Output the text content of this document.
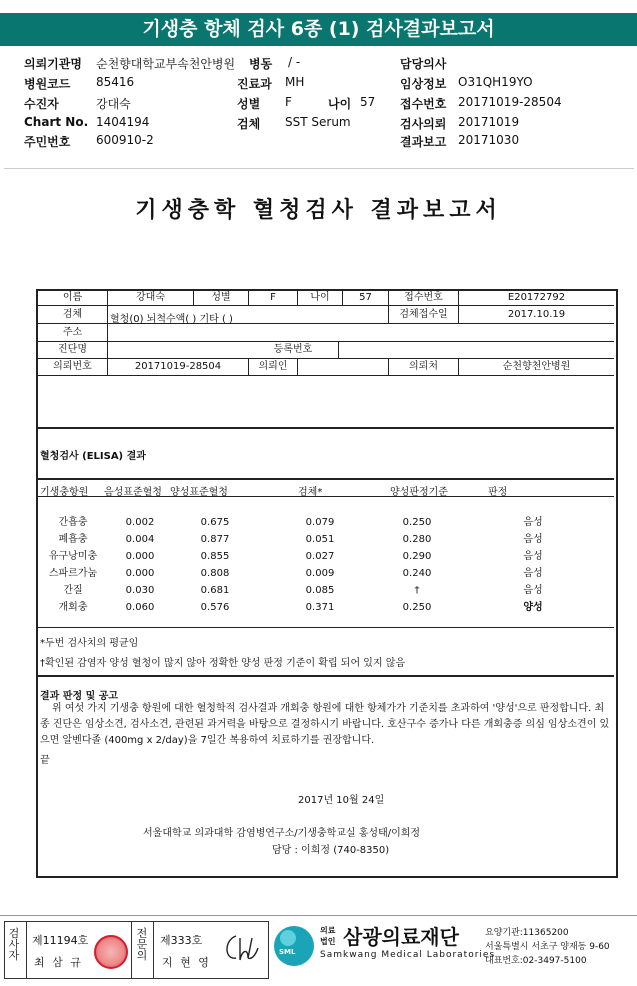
기생충 항체 검사 6종 (1) 검사결과보고서
의뢰기관명 순천향대학교부속천안병원 병동 / -	담당의사
병원코드 85416	진료과 MH	임상정보 O31QH19YO
수진자	강대숙	성별 F	나이 57 접수번호 20171019-28504
Chart No. 1404194	검체 SST Serum	검사의뢰 20171019
주민번호 600910-2	결과보고 20171030
기생충학 혈청검사 결과보고서
이름	강대숙	성별	F	나이	57	접수번호	E20172792
검체	혈청(0) 뇌척수액( ) 기타 ( )	검체접수일	2017.10.19
주소
진단명	등록번호
의뢰번호	20171019-28504	의뢰인	의뢰처	순천향천안병원
혈청검사 (ELISA) 결과
기생충항원 음성표준혈청 양성표준혈청	검체*	양성판정기준	판정
간흡충	0.002	0.675	0.079	0.250	음성
폐흡충	0.004	0.877	0.051	0.280	음성
유구낭미충	0.000	0.855	0.027	0.290	음성
스파르가눔	0.000	0.808	0.009	0.240	음성
간질	0.030	0.681	0.085	†	음성
개회충	0.060	0.576	0.371	0.250	양성
*두번 검사치의 평균임
†확인된 감염자 양성 혈청이 많지 않아 정확한 양성 판정 기준이 확립 되어 있지 않음
결과 판정 및 공고
위 여섯 가지 기생충 항원에 대한 혈청학적 검사결과 개회충 항원에 대한 항체가가 기준치를 초과하여 '양성'으로 판정합니다. 최종 진단은 임상소견, 검사소견, 관련된 과거력을 바탕으로 결정하시기 바랍니다. 호산구수 증가나 다른 개회충증 의심 임상소견이 있으면 알벤다졸 (400mg x 2/day)을 7일간 복용하여 치료하기를 권장합니다.
끝
2017년 10월 24일
서울대학교 의과대학 감염병연구소/기생충학교실 홍성태/이희정
담당 : 이희정 (740-8350)
검
사
자
제11194호
최 삼 규
전
문
의
제333호
지 현 영
SML
의료
법인 삼광의료재단
Samkwang Medical Laboratories
요양기관:11365200
서울특별시 서초구 양재동 9-60
대표번호:02-3497-5100
